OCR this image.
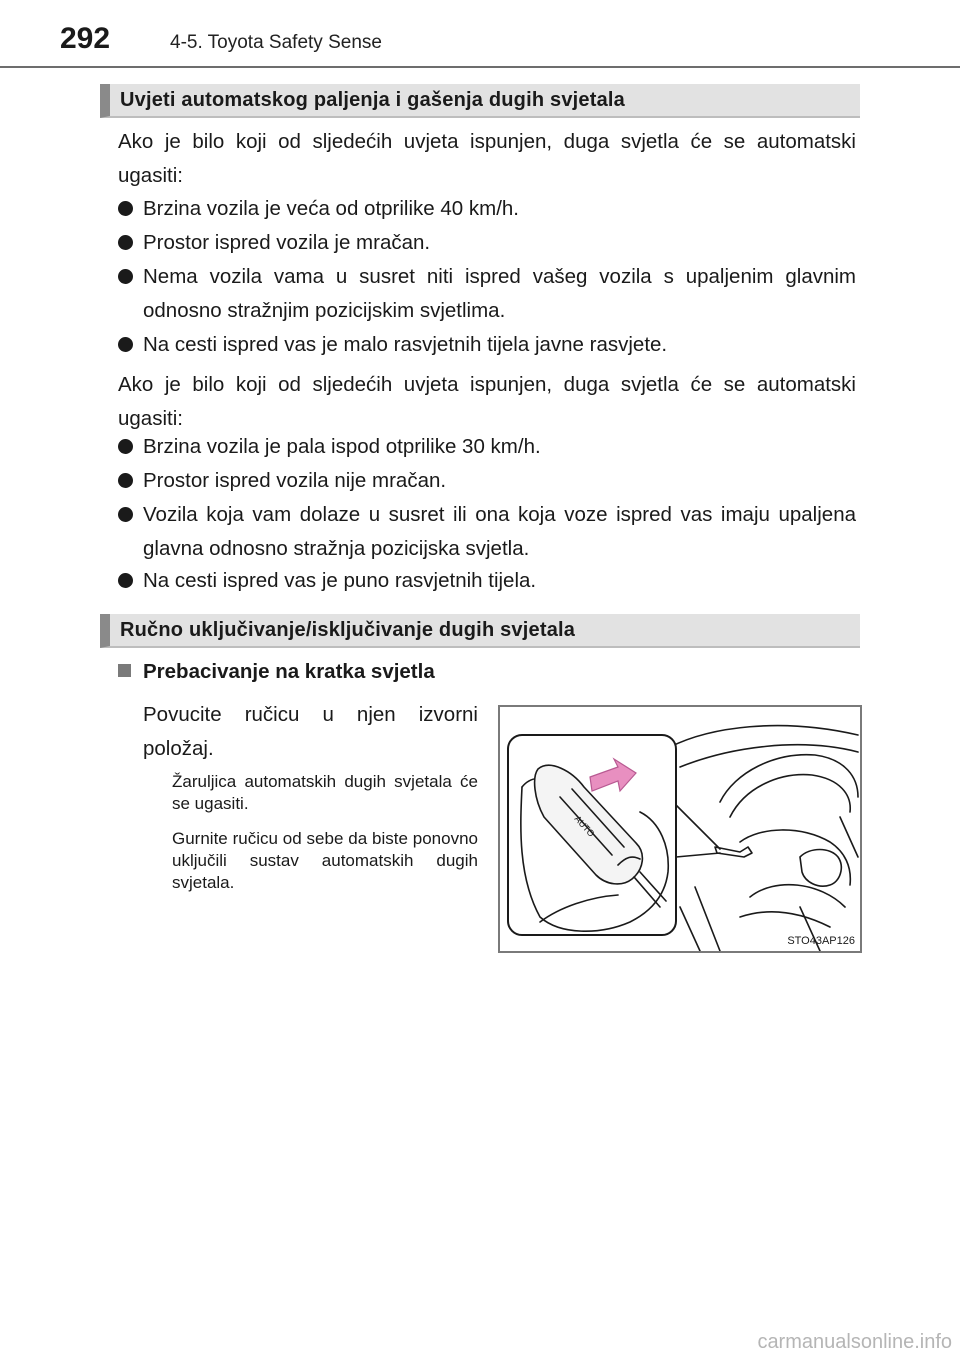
292	4-5. Toyota Safety Sense
Uvjeti automatskog paljenja i gašenja dugih svjetala
Ako je bilo koji od sljedećih uvjeta ispunjen, duga svjetla će se automatski ugasiti:
Brzina vozila je veća od otprilike 40 km/h.
Prostor ispred vozila je mračan.
Nema vozila vama u susret niti ispred vašeg vozila s upaljenim glavnim odnosno stražnjim pozicijskim svjetlima.
Na cesti ispred vas je malo rasvjetnih tijela javne rasvjete.
Ako je bilo koji od sljedećih uvjeta ispunjen, duga svjetla će se automatski ugasiti:
Brzina vozila je pala ispod otprilike 30 km/h.
Prostor ispred vozila nije mračan.
Vozila koja vam dolaze u susret ili ona koja voze ispred vas imaju upaljena glavna odnosno stražnja pozicijska svjetla.
Na cesti ispred vas je puno rasvjetnih tijela.
Ručno uključivanje/isključivanje dugih svjetala
Prebacivanje na kratka svjetla
Povucite ručicu u njen izvorni položaj.
Žaruljica automatskih dugih svjetala će se ugasiti.
Gurnite ručicu od sebe da biste ponovno uključili sustav automatskih dugih svjetala.
AUTO
STO43AP126
carmanualsonline.info
